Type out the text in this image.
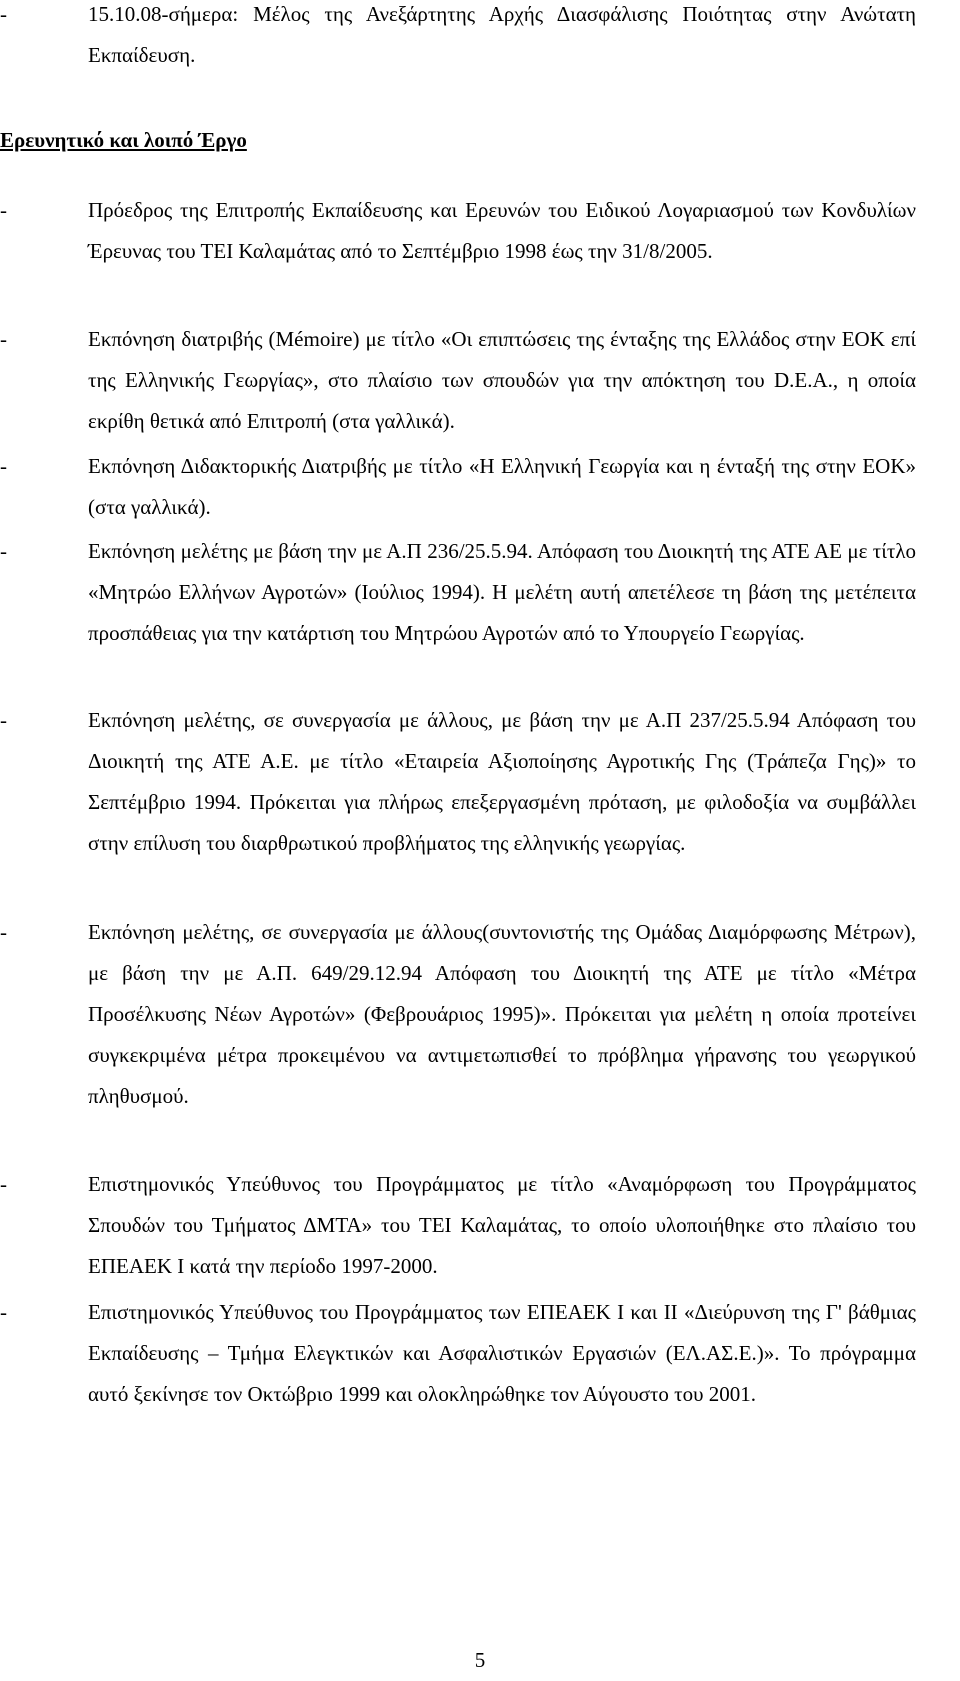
-	15.10.08-σήμερα: Μέλος της Ανεξάρτητης Αρχής Διασφάλισης Ποιότητας στην Ανώτατη Εκπαίδευση.

Ερευνητικό και λοιπό Έργο

-	Πρόεδρος της Επιτροπής Εκπαίδευσης και Ερευνών του Ειδικού Λογαριασμού των Κονδυλίων Έρευνας του ΤΕΙ Καλαμάτας από το Σεπτέμβριο 1998 έως την 31/8/2005.

-	Εκπόνηση διατριβής (Mémoire) με τίτλο «Οι επιπτώσεις της ένταξης της Ελλάδος στην ΕΟΚ επί της Ελληνικής Γεωργίας», στο πλαίσιο των σπουδών για την απόκτηση του D.E.A., η οποία εκρίθη θετικά από Επιτροπή (στα γαλλικά).

-	Εκπόνηση Διδακτορικής Διατριβής με τίτλο «Η Ελληνική Γεωργία και η ένταξή της στην ΕΟΚ» (στα γαλλικά).

-	Εκπόνηση μελέτης με βάση την με Α.Π 236/25.5.94. Απόφαση του Διοικητή της ΑΤΕ ΑΕ με τίτλο «Μητρώο Ελλήνων Αγροτών» (Ιούλιος 1994). Η μελέτη αυτή απετέλεσε τη βάση της μετέπειτα προσπάθειας για την κατάρτιση του Μητρώου Αγροτών από το Υπουργείο Γεωργίας.

-	Εκπόνηση μελέτης, σε συνεργασία με άλλους, με βάση την με Α.Π 237/25.5.94 Απόφαση του Διοικητή της ΑΤΕ Α.Ε. με τίτλο «Εταιρεία Αξιοποίησης Αγροτικής Γης (Τράπεζα Γης)» το Σεπτέμβριο 1994. Πρόκειται για πλήρως επεξεργασμένη πρόταση, με φιλοδοξία να συμβάλλει στην επίλυση του διαρθρωτικού προβλήματος της ελληνικής γεωργίας.

-	Εκπόνηση μελέτης, σε συνεργασία με άλλους(συντονιστής της Ομάδας Διαμόρφωσης Μέτρων), με βάση την με Α.Π. 649/29.12.94 Απόφαση του Διοικητή της ΑΤΕ με τίτλο «Μέτρα Προσέλκυσης Νέων Αγροτών» (Φεβρουάριος 1995)». Πρόκειται για μελέτη η οποία προτείνει συγκεκριμένα μέτρα προκειμένου να αντιμετωπισθεί το πρόβλημα γήρανσης του γεωργικού πληθυσμού.

-	Επιστημονικός Υπεύθυνος του Προγράμματος με τίτλο «Αναμόρφωση του Προγράμματος Σπουδών του Τμήματος ΔΜΤΑ» του ΤΕΙ Καλαμάτας, το οποίο υλοποιήθηκε στο πλαίσιο του ΕΠΕΑΕΚ Ι κατά την περίοδο 1997-2000.

-	Επιστημονικός Υπεύθυνος του Προγράμματος των ΕΠΕΑΕΚ Ι και ΙΙ «Διεύρυνση της Γ' βάθμιας Εκπαίδευσης – Τμήμα Ελεγκτικών και Ασφαλιστικών Εργασιών (ΕΛ.ΑΣ.Ε.)». Το πρόγραμμα αυτό ξεκίνησε τον Οκτώβριο 1999 και ολοκληρώθηκε τον Αύγουστο του 2001.

5
